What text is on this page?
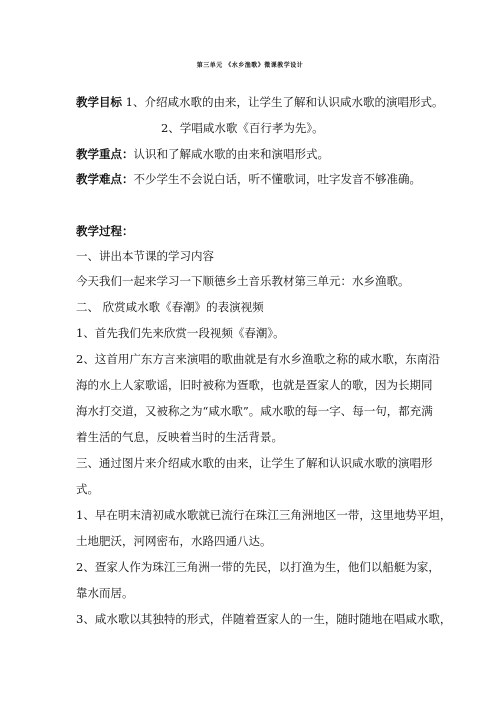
第三单元 《水乡渔歌》微课教学设计
教学目标 1、介绍咸水歌的由来，让学生了解和认识咸水歌的演唱形式。
2、学唱咸水歌《百行孝为先》。
教学重点：认识和了解咸水歌的由来和演唱形式。
教学难点：不少学生不会说白话，听不懂歌词，吐字发音不够准确。
教学过程：
一、讲出本节课的学习内容
今天我们一起来学习一下顺德乡土音乐教材第三单元：水乡渔歌。
二、 欣赏咸水歌《春潮》的表演视频
1、首先我们先来欣赏一段视频《春潮》。
2、这首用广东方言来演唱的歌曲就是有水乡渔歌之称的咸水歌，东南沿
海的水上人家歌谣，旧时被称为疍歌，也就是疍家人的歌，因为长期同
海水打交道，又被称之为“咸水歌”。咸水歌的每一字、每一句，都充满
着生活的气息，反映着当时的生活背景。
三、通过图片来介绍咸水歌的由来，让学生了解和认识咸水歌的演唱形
式。
1、早在明末清初咸水歌就已流行在珠江三角洲地区一带，这里地势平坦，
土地肥沃，河网密布，水路四通八达。
2、疍家人作为珠江三角洲一带的先民，以打渔为生，他们以船艇为家，
靠水而居。
3、咸水歌以其独特的形式，伴随着疍家人的一生，随时随地在唱咸水歌，
